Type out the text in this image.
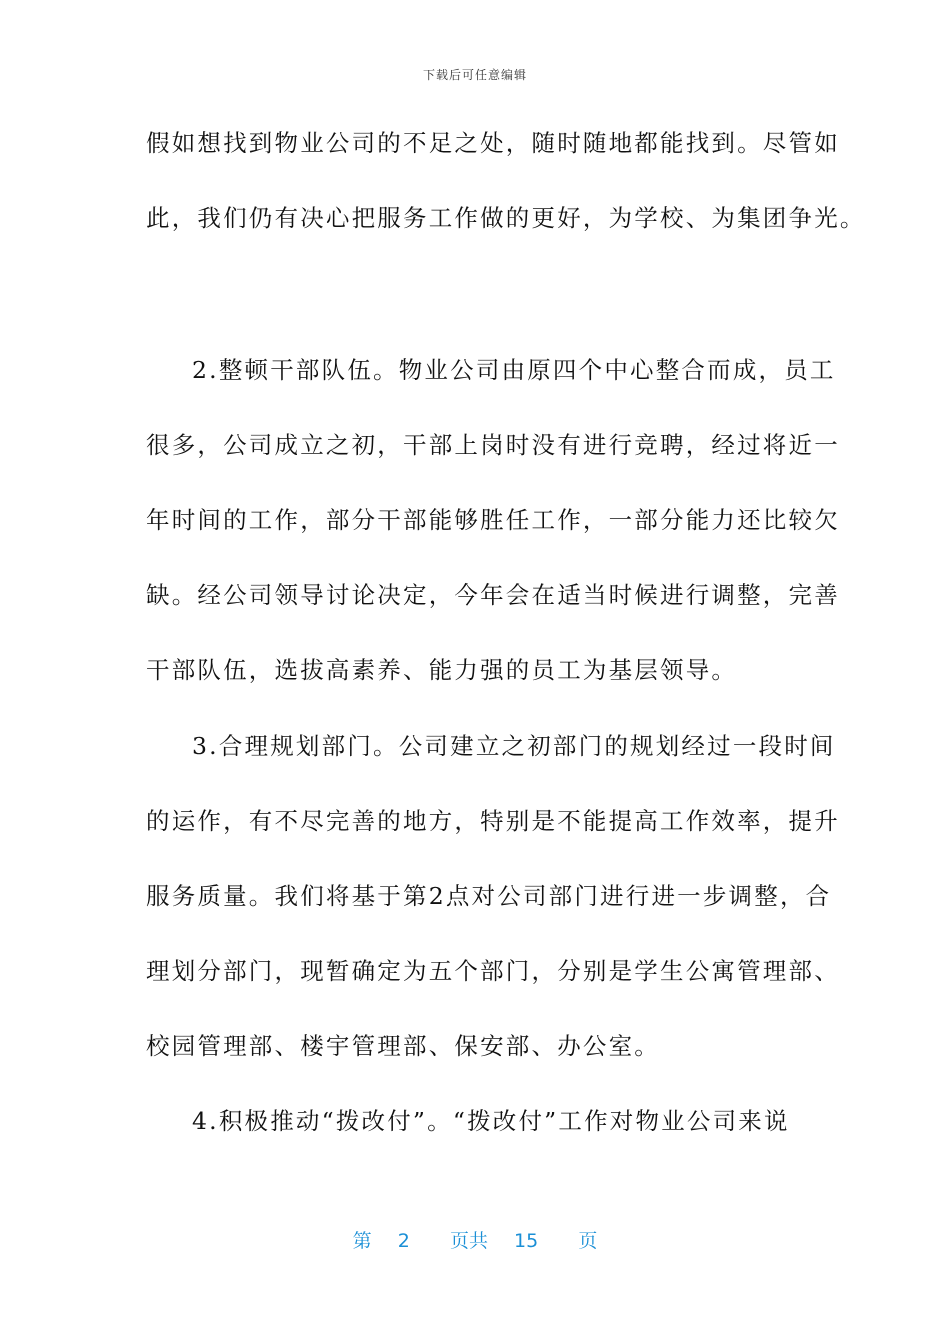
下载后可任意编辑
假如想找到物业公司的不足之处，随时随地都能找到。尽管如
此，我们仍有决心把服务工作做的更好，为学校、为集团争光。
2.整顿干部队伍。物业公司由原四个中心整合而成，员工
很多，公司成立之初，干部上岗时没有进行竞聘，经过将近一
年时间的工作，部分干部能够胜任工作，一部分能力还比较欠
缺。经公司领导讨论决定，今年会在适当时候进行调整，完善
干部队伍，选拔高素养、能力强的员工为基层领导。
3.合理规划部门。公司建立之初部门的规划经过一段时间
的运作，有不尽完善的地方，特别是不能提高工作效率，提升
服务质量。我们将基于第2点对公司部门进行进一步调整，合
理划分部门，现暂确定为五个部门，分别是学生公寓管理部、
校园管理部、楼宇管理部、保安部、办公室。
4.积极推动“拨改付”。“拨改付”工作对物业公司来说
第 2 页共 15 页
